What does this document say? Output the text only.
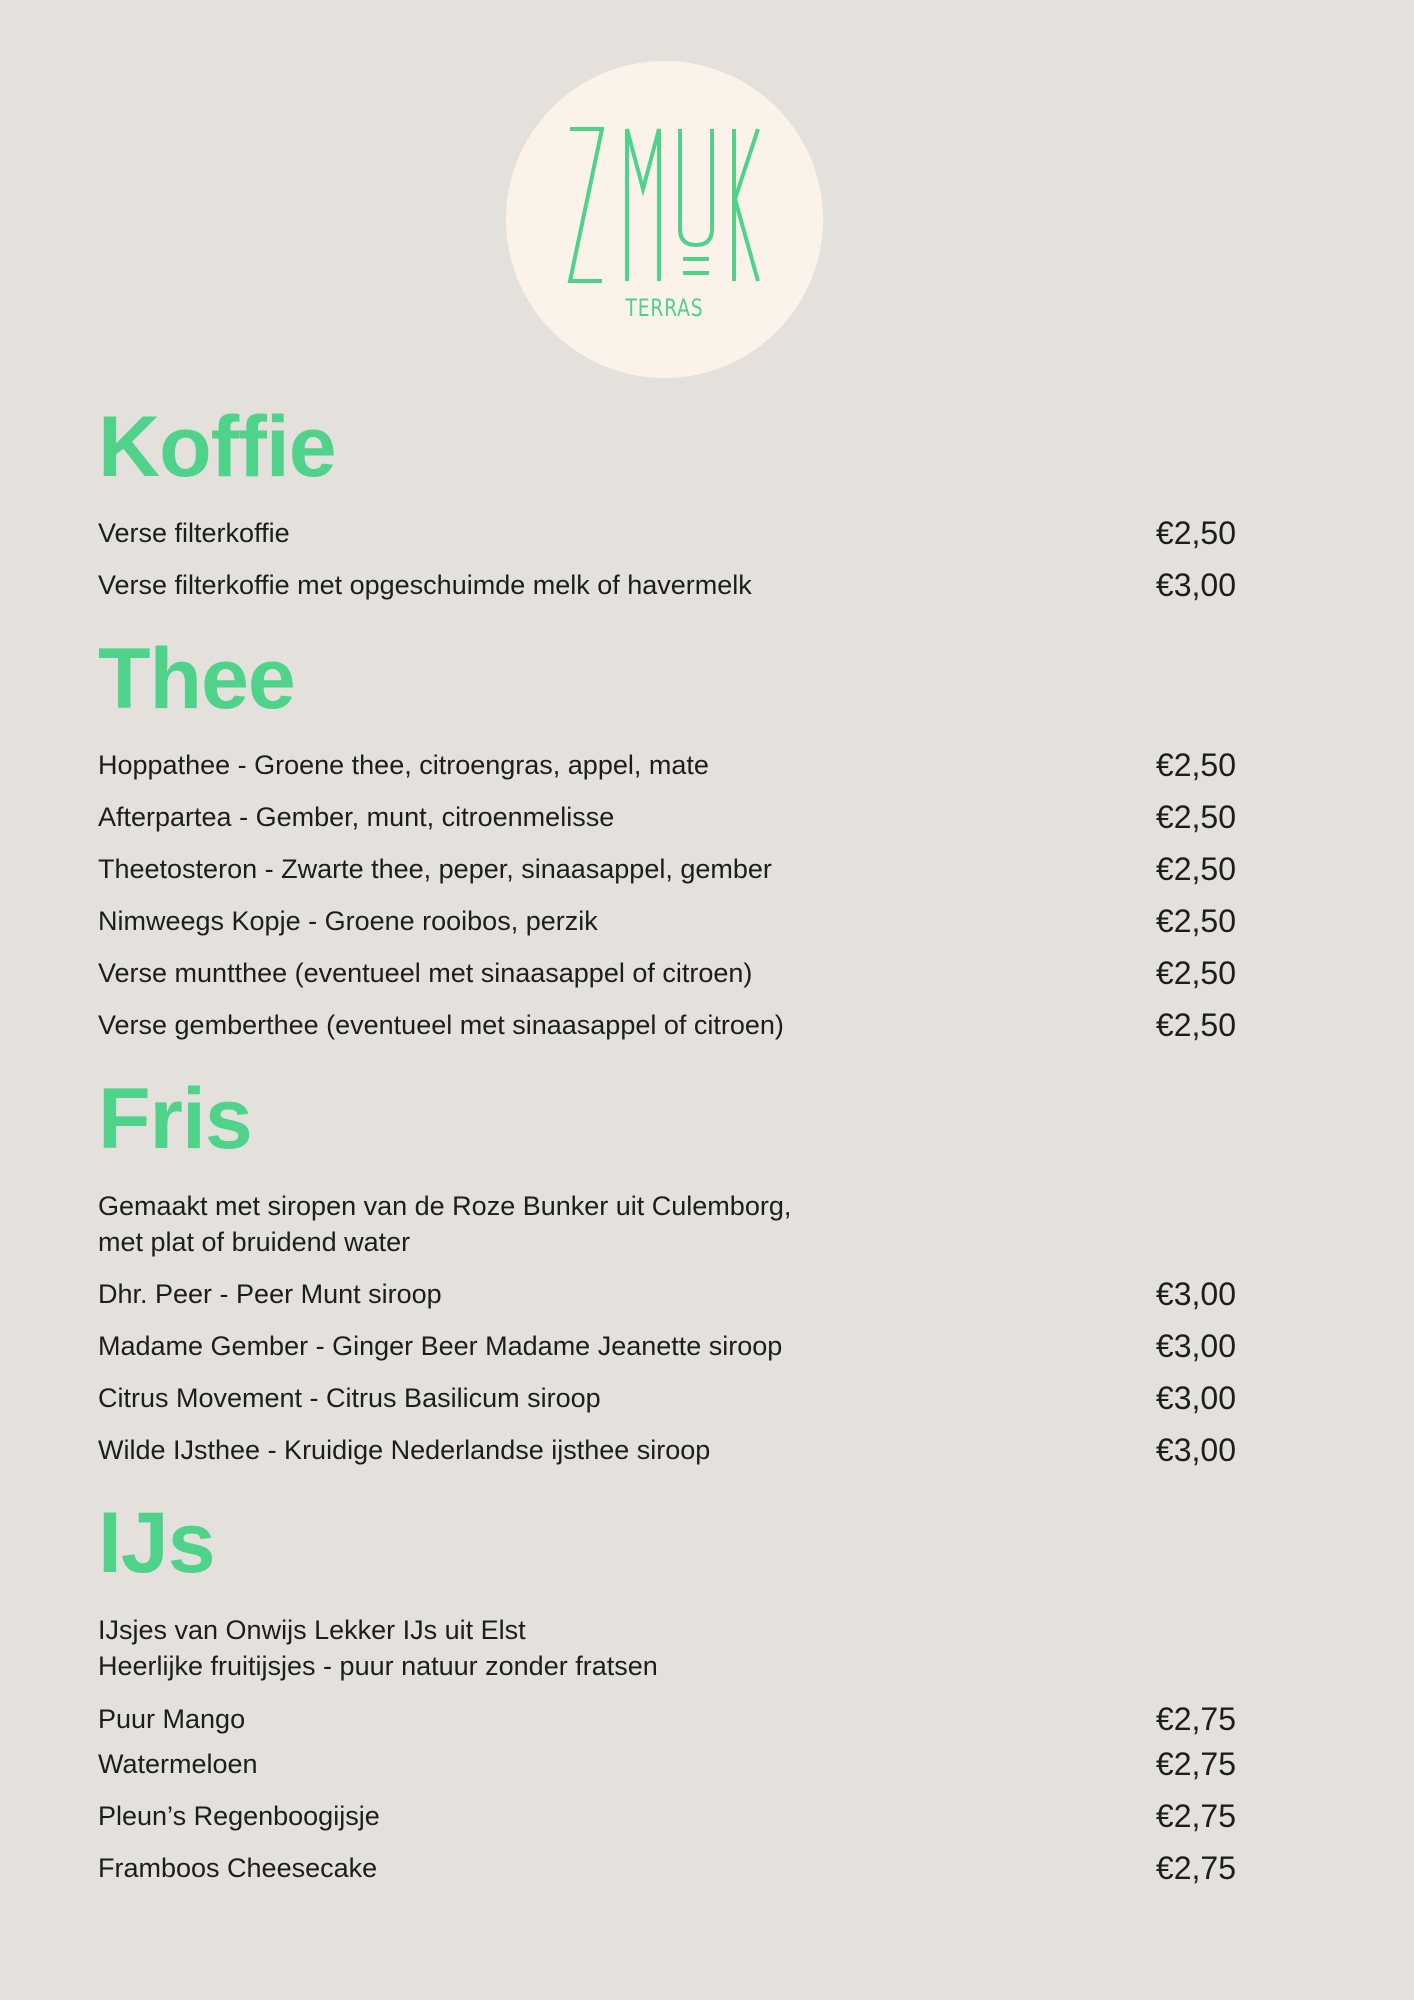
TERRAS
Koffie
Verse filterkoffie	€2,50
Verse filterkoffie met opgeschuimde melk of havermelk	€3,00
Thee
Hoppathee - Groene thee, citroengras, appel, mate	€2,50
Afterpartea - Gember, munt, citroenmelisse	€2,50
Theetosteron - Zwarte thee, peper, sinaasappel, gember	€2,50
Nimweegs Kopje - Groene rooibos, perzik	€2,50
Verse muntthee (eventueel met sinaasappel of citroen)	€2,50
Verse gemberthee (eventueel met sinaasappel of citroen)	€2,50
Fris
Gemaakt met siropen van de Roze Bunker uit Culemborg,
met plat of bruidend water
Dhr. Peer - Peer Munt siroop	€3,00
Madame Gember - Ginger Beer Madame Jeanette siroop	€3,00
Citrus Movement - Citrus Basilicum siroop	€3,00
Wilde IJsthee - Kruidige Nederlandse ijsthee siroop	€3,00
IJs
IJsjes van Onwijs Lekker IJs uit Elst
Heerlijke fruitijsjes - puur natuur zonder fratsen
Puur Mango	€2,75
Watermeloen	€2,75
Pleun’s Regenboogijsje	€2,75
Framboos Cheesecake	€2,75
